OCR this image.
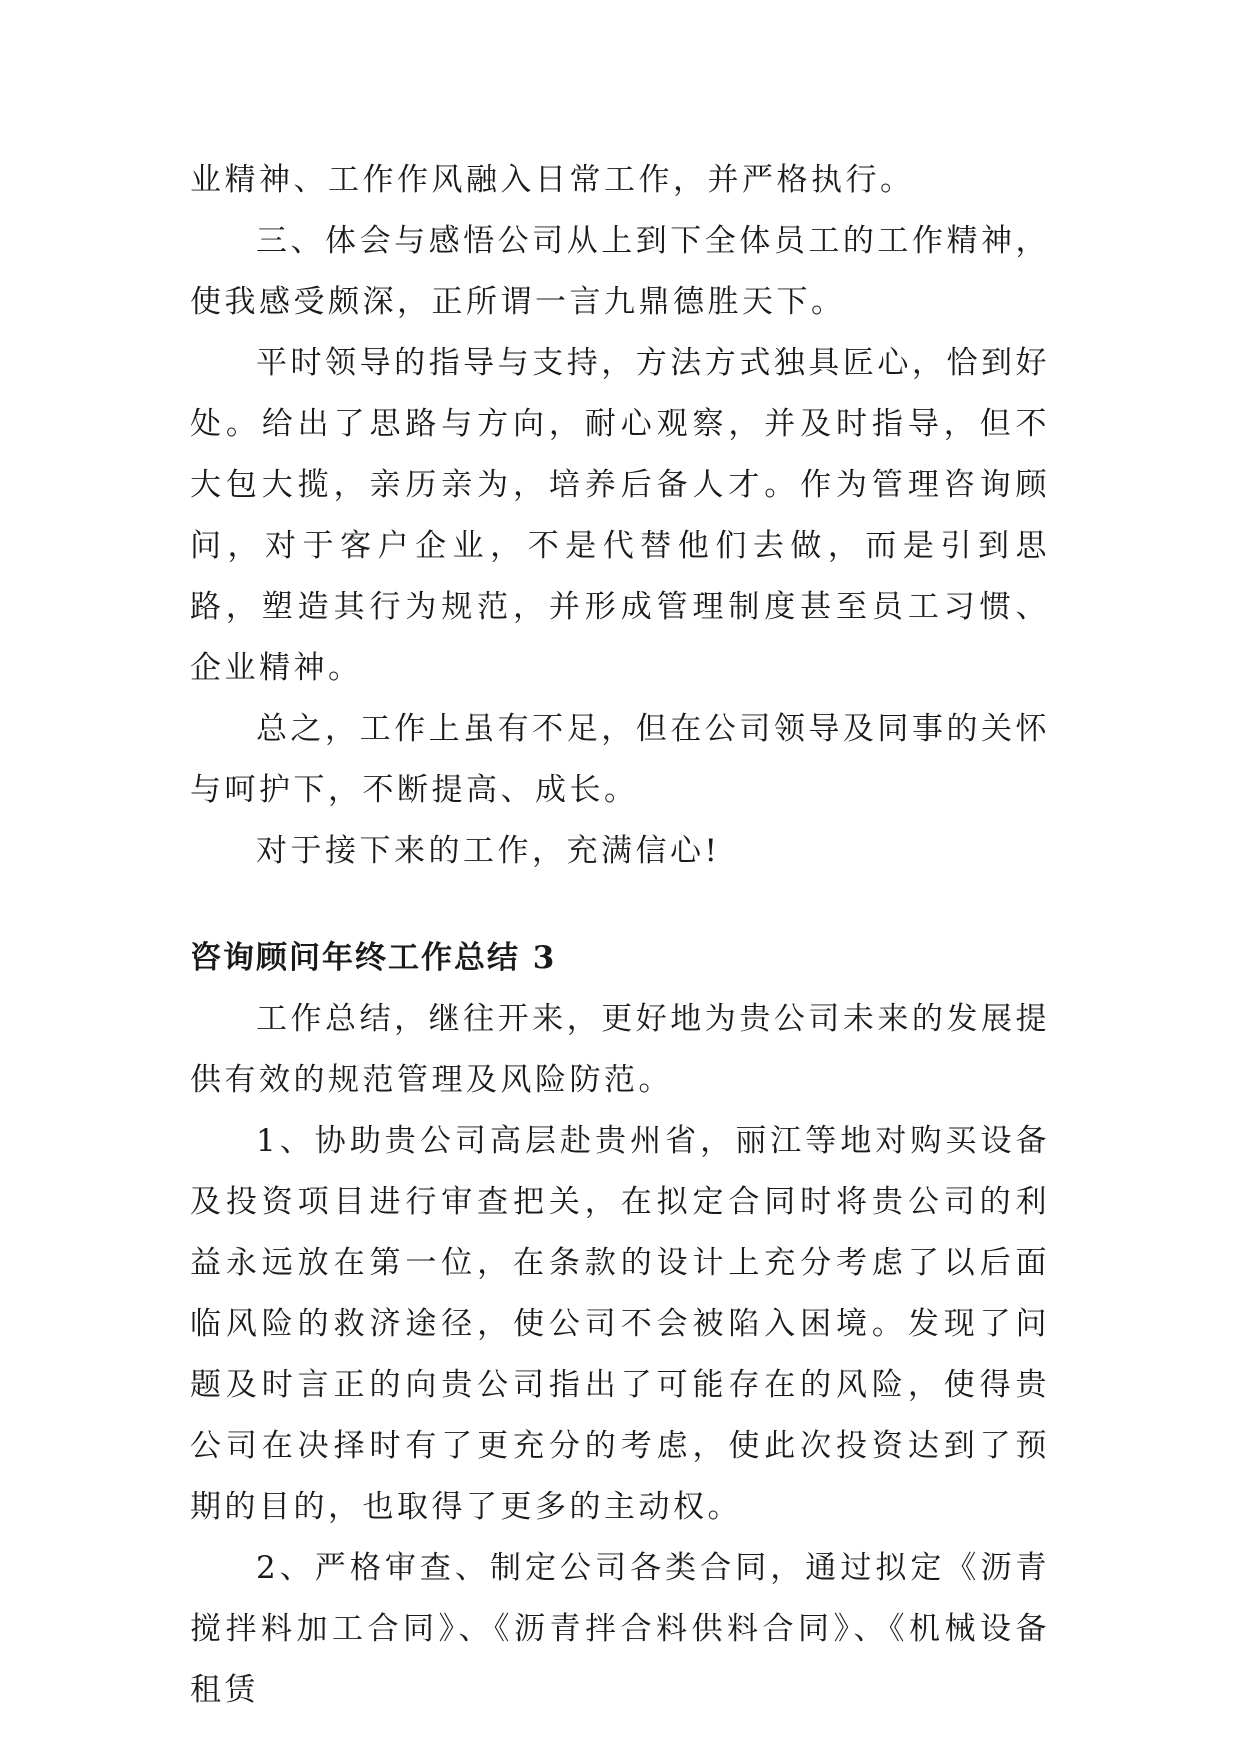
业精神、工作作风融入日常工作，并严格执行。

三、体会与感悟公司从上到下全体员工的工作精神，使我感受颇深，正所谓一言九鼎德胜天下。

平时领导的指导与支持，方法方式独具匠心，恰到好处。给出了思路与方向，耐心观察，并及时指导，但不大包大揽，亲历亲为，培养后备人才。作为管理咨询顾问，对于客户企业，不是代替他们去做，而是引到思路，塑造其行为规范，并形成管理制度甚至员工习惯、企业精神。

总之，工作上虽有不足，但在公司领导及同事的关怀与呵护下，不断提高、成长。

对于接下来的工作，充满信心!

咨询顾问年终工作总结 3

工作总结，继往开来，更好地为贵公司未来的发展提供有效的规范管理及风险防范。

1、协助贵公司高层赴贵州省，丽江等地对购买设备及投资项目进行审查把关，在拟定合同时将贵公司的利益永远放在第一位，在条款的设计上充分考虑了以后面临风险的救济途径，使公司不会被陷入困境。发现了问题及时言正的向贵公司指出了可能存在的风险，使得贵公司在决择时有了更充分的考虑，使此次投资达到了预期的目的，也取得了更多的主动权。

2、严格审查、制定公司各类合同，通过拟定《沥青搅拌料加工合同》、《沥青拌合料供料合同》、《机械设备租赁
